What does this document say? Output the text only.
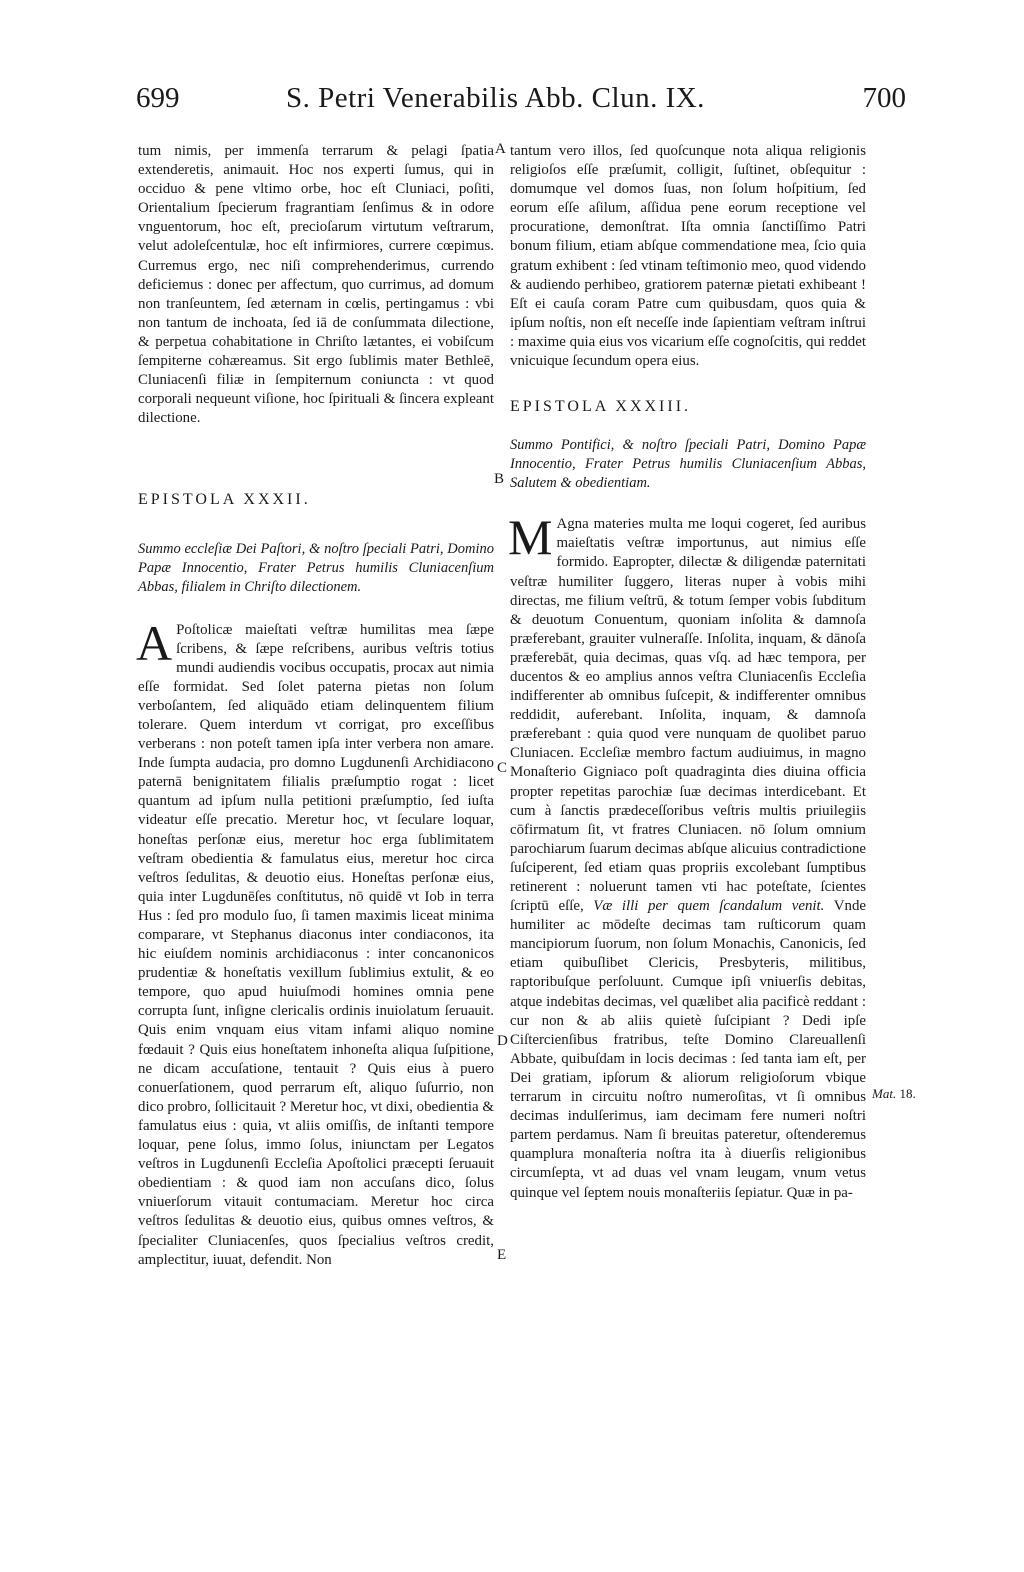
699	S. Petri Venerabilis Abb. Clun. IX.	700

tum nimis, per immenſa terrarum & pelagi ſpatia extenderetis, animauit. Hoc nos experti ſumus, qui in occiduo & pene vltimo orbe, hoc eſt Cluniaci, poſiti, Orientalium ſpecierum fragrantiam ſenſimus & in odore vnguentorum, hoc eſt, precioſarum virtutum veſtrarum, velut adoleſcentulæ, hoc eſt infirmiores, currere cœpimus. Curremus ergo, nec niſi comprehenderimus, currendo deficiemus : donec per affectum, quo currimus, ad domum non tranſeuntem, ſed æternam in cœlis, pertingamus : vbi non tantum de inchoata, ſed iā de conſummata dilectione, & perpetua cohabitatione in Chriſto lætantes, ei vobiſcum ſempiterne cohæreamus. Sit ergo ſublimis mater Bethleē, Cluniacenſi filiæ in ſempiternum coniuncta : vt quod corporali nequeunt viſione, hoc ſpirituali & ſincera expleant dilectione.

EPISTOLA XXXII.

Summo eccleſiæ Dei Paſtori, & noſtro ſpeciali Patri, Domino Papæ Innocentio, Frater Petrus humilis Cluniacenſium Abbas, filialem in Chriſto dilectionem.

A Poſtolicæ maieſtati veſtræ humilitas mea ſæpe ſcribens, & ſæpe reſcribens, auribus veſtris totius mundi audiendis vocibus occupatis, procax aut nimia eſſe formidat. Sed ſolet paterna pietas non ſolum verboſantem, ſed aliquādo etiam delinquentem filium tolerare. Quem interdum vt corrigat, pro exceſſibus verberans : non poteſt tamen ipſa inter verbera non amare. Inde ſumpta audacia, pro domno Lugdunenſi Archidiacono paternā benignitatem filialis præſumptio rogat : licet quantum ad ipſum nulla petitioni præſumptio, ſed iuſta videatur eſſe precatio. Meretur hoc, vt ſeculare loquar, honeſtas perſonæ eius, meretur hoc erga ſublimitatem veſtram obedientia & famulatus eius, meretur hoc circa veſtros ſedulitas, & deuotio eius. Honeſtas perſonæ eius, quia inter Lugdunēſes conſtitutus, nō quidē vt Iob in terra Hus : ſed pro modulo ſuo, ſi tamen maximis liceat minima comparare, vt Stephanus diaconus inter condiaconos, ita hic eiuſdem nominis archidiaconus : inter concanonicos prudentiæ & honeſtatis vexillum ſublimius extulit, & eo tempore, quo apud huiuſmodi homines omnia pene corrupta ſunt, inſigne clericalis ordinis inuiolatum ſeruauit. Quis enim vnquam eius vitam infami aliquo nomine fœdauit ? Quis eius honeſtatem inhoneſta aliqua ſuſpitione, ne dicam accuſatione, tentauit ? Quis eius à puero conuerſationem, quod perrarum eſt, aliquo ſuſurrio, non dico probro, ſollicitauit ? Meretur hoc, vt dixi, obedientia & famulatus eius : quia, vt aliis omiſſis, de inſtanti tempore loquar, pene ſolus, immo ſolus, iniunctam per Legatos veſtros in Lugdunenſi Eccleſia Apoſtolici præcepti ſeruauit obedientiam : & quod iam non accuſans dico, ſolus vniuerſorum vitauit contumaciam. Meretur hoc circa veſtros ſedulitas & deuotio eius, quibus omnes veſtros, & ſpecialiter Cluniacenſes, quos ſpecialius veſtros credit, amplectitur, iuuat, defendit. Non

tantum vero illos, ſed quoſcunque nota aliqua religionis religioſos eſſe præſumit, colligit, ſuſtinet, obſequitur : domumque vel domos ſuas, non ſolum hoſpitium, ſed eorum eſſe aſilum, aſſidua pene eorum receptione vel procuratione, demonſtrat. Iſta omnia ſanctiſſimo Patri bonum filium, etiam abſque commendatione mea, ſcio quia gratum exhibent : ſed vtinam teſtimonio meo, quod videndo & audiendo perhibeo, gratiorem paternæ pietati exhibeant ! Eſt ei cauſa coram Patre cum quibusdam, quos quia & ipſum noſtis, non eſt neceſſe inde ſapientiam veſtram inſtrui : maxime quia eius vos vicarium eſſe cognoſcitis, qui reddet vnicuique ſecundum opera eius.

EPISTOLA XXXIII.

Summo Pontifici, & noſtro ſpeciali Patri, Domino Papæ Innocentio, Frater Petrus humilis Cluniacenſium Abbas, Salutem & obedientiam.

M Agna materies multa me loqui cogeret, ſed auribus maieſtatis veſtræ importunus, aut nimius eſſe formido. Eapropter, dilectæ & diligendæ paternitati veſtræ humiliter ſuggero, literas nuper à vobis mihi directas, me filium veſtrū, & totum ſemper vobis ſubditum & deuotum Conuentum, quoniam inſolita & damnoſa præferebant, grauiter vulneraſſe. Inſolita, inquam, & dānoſa præferebāt, quia decimas, quas vſq. ad hæc tempora, per ducentos & eo amplius annos veſtra Cluniacenſis Eccleſia indifferenter ab omnibus ſuſcepit, & indifferenter omnibus reddidit, auferebant. Inſolita, inquam, & damnoſa præferebant : quia quod vere nunquam de quolibet paruo Cluniacen. Eccleſiæ membro factum audiuimus, in magno Monaſterio Gigniaco poſt quadraginta dies diuina officia propter repetitas parochiæ ſuæ decimas interdicebant. Et cum à ſanctis prædeceſſoribus veſtris multis priuilegiis cōfirmatum ſit, vt fratres Cluniacen. nō ſolum omnium parochiarum ſuarum decimas abſque alicuius contradictione ſuſciperent, ſed etiam quas propriis excolebant ſumptibus retinerent : noluerunt tamen vti hac poteſtate, ſcientes ſcriptū eſſe, Væ illi per quem ſcandalum venit. Vnde humiliter ac mōdeſte decimas tam ruſticorum quam mancipiorum ſuorum, non ſolum Monachis, Canonicis, ſed etiam quibuſlibet Clericis, Presbyteris, militibus, raptoribuſque perſoluunt. Cumque ipſi vniuerſis debitas, atque indebitas decimas, vel quælibet alia pacificè reddant : cur non & ab aliis quietè ſuſcipiant ? Dedi ipſe Ciſtercienſibus fratribus, teſte Domino Clareuallenſi Abbate, quibuſdam in locis decimas : ſed tanta iam eſt, per Dei gratiam, ipſorum & aliorum religioſorum vbique terrarum in circuitu noſtro numeroſitas, vt ſi omnibus decimas indulſerimus, iam decimam fere numeri noſtri partem perdamus. Nam ſi breuitas pateretur, oſtenderemus quamplura monaſteria noſtra ita à diuerſis religionibus circumſepta, vt ad duas vel vnam leugam, vnum vetus quinque vel ſeptem nouis monaſteriis ſepiatur. Quæ in pa-

A
B
C
D
E
Mat. 18.
